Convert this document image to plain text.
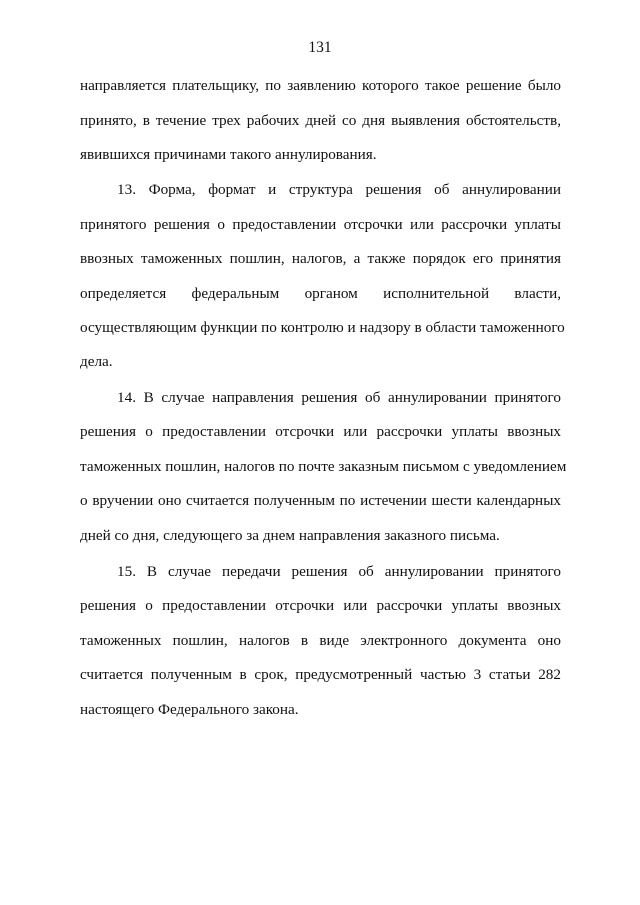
131
направляется плательщику, по заявлению которого такое решение было
принято, в течение трех рабочих дней со дня выявления обстоятельств,
явившихся причинами такого аннулирования.
13. Форма, формат и структура решения об аннулировании
принятого решения о предоставлении отсрочки или рассрочки уплаты
ввозных таможенных пошлин, налогов, а также порядок его принятия
определяется федеральным органом исполнительной власти,
осуществляющим функции по контролю и надзору в области таможенного
дела.
14. В случае направления решения об аннулировании принятого
решения о предоставлении отсрочки или рассрочки уплаты ввозных
таможенных пошлин, налогов по почте заказным письмом с уведомлением
о вручении оно считается полученным по истечении шести календарных
дней со дня, следующего за днем направления заказного письма.
15. В случае передачи решения об аннулировании принятого
решения о предоставлении отсрочки или рассрочки уплаты ввозных
таможенных пошлин, налогов в виде электронного документа оно
считается полученным в срок, предусмотренный частью 3 статьи 282
настоящего Федерального закона.
